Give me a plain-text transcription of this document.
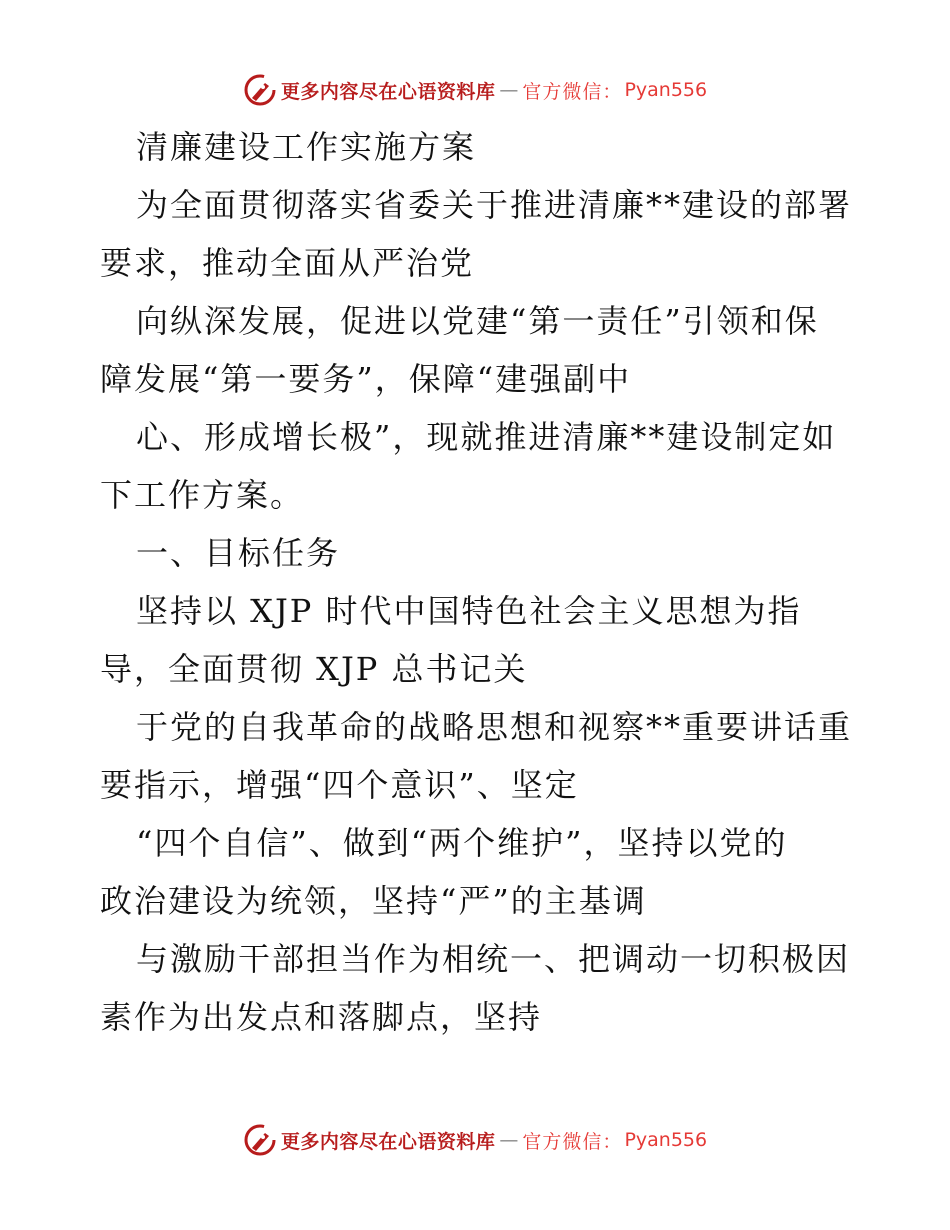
更多内容尽在心语资料库 — 官方微信： Pyan556
清廉建设工作实施方案
为全面贯彻落实省委关于推进清廉**建设的部署
要求，推动全面从严治党
向纵深发展，促进以党建“第一责任”引领和保
障发展“第一要务”，保障“建强副中
心、形成增长极”，现就推进清廉**建设制定如
下工作方案。
一、目标任务
坚持以 XJP 时代中国特色社会主义思想为指
导，全面贯彻 XJP 总书记关
于党的自我革命的战略思想和视察**重要讲话重
要指示，增强“四个意识”、坚定
“四个自信”、做到“两个维护”，坚持以党的
政治建设为统领，坚持“严”的主基调
与激励干部担当作为相统一、把调动一切积极因
素作为出发点和落脚点，坚持
更多内容尽在心语资料库 — 官方微信： Pyan556
